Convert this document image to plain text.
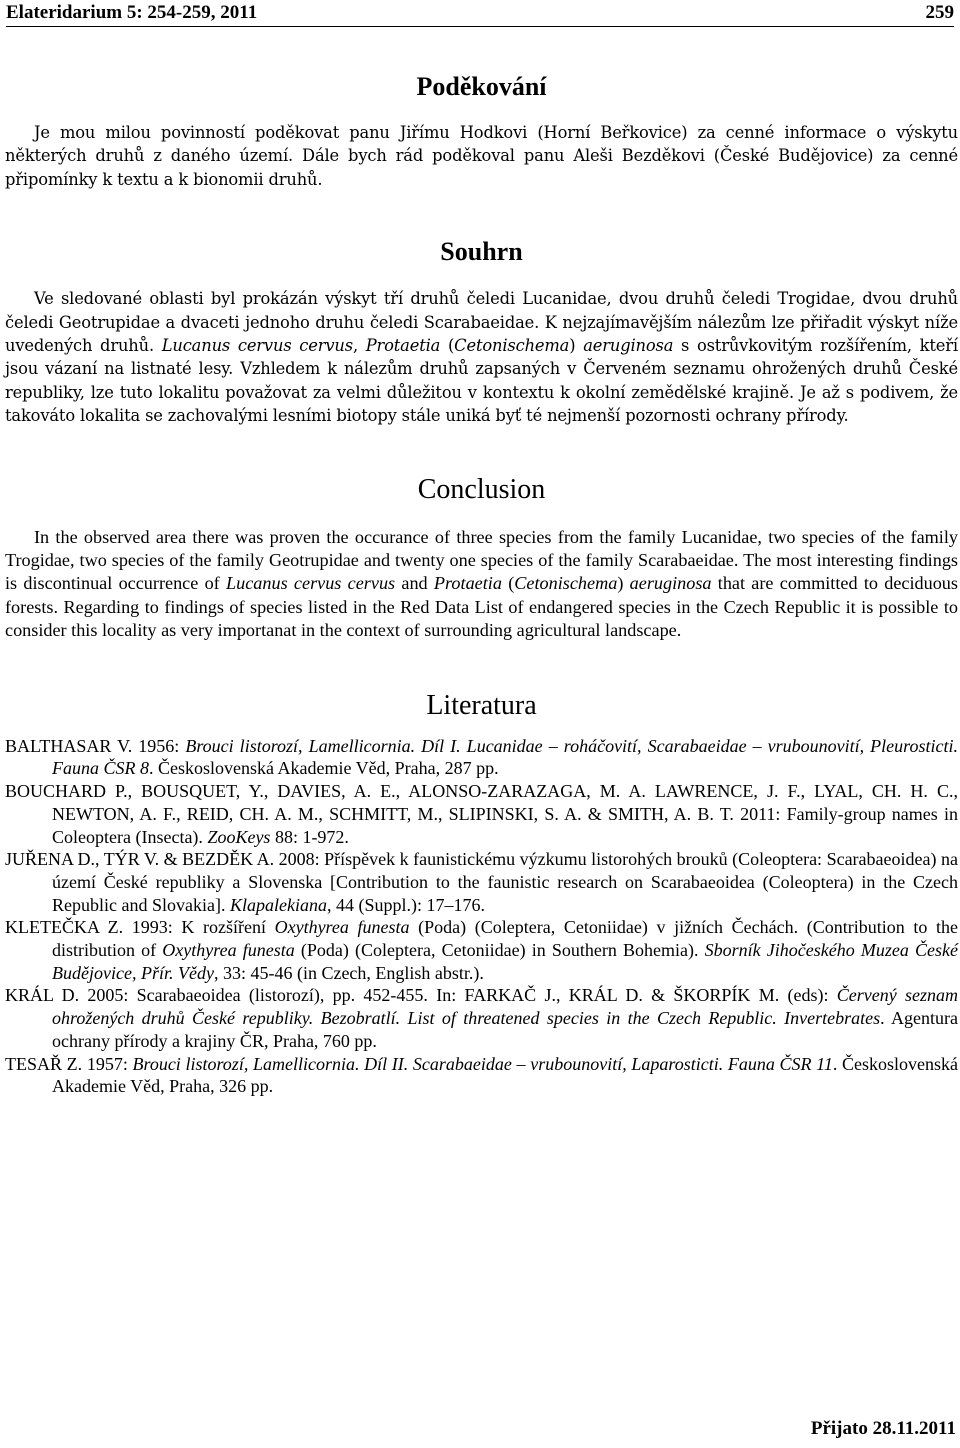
Elateridarium 5: 254-259, 2011	259
Poděkování

Je mou milou povinností poděkovat panu Jiřímu Hodkovi (Horní Beřkovice) za cenné informace o výskytu některých druhů z daného území. Dále bych rád poděkoval panu Aleši Bezděkovi (České Budějovice) za cenné připomínky k textu a k bionomii druhů.

Souhrn

Ve sledované oblasti byl prokázán výskyt tří druhů čeledi Lucanidae, dvou druhů čeledi Trogidae, dvou druhů čeledi Geotrupidae a dvaceti jednoho druhu čeledi Scarabaeidae. K nejzajímavějším nálezům lze přiřadit výskyt níže uvedených druhů. Lucanus cervus cervus, Protaetia (Cetonischema) aeruginosa s ostrůvkovitým rozšířením, kteří jsou vázaní na listnaté lesy. Vzhledem k nálezům druhů zapsaných v Červeném seznamu ohrožených druhů České republiky, lze tuto lokalitu považovat za velmi důležitou v kontextu k okolní zemědělské krajině. Je až s podivem, že takováto lokalita se zachovalými lesními biotopy stále uniká byť té nejmenší pozornosti ochrany přírody.

Conclusion

In the observed area there was proven the occurance of three species from the family Lucanidae, two species of the family Trogidae, two species of the family Geotrupidae and twenty one species of the family Scarabaeidae. The most interesting findings is discontinual occurrence of Lucanus cervus cervus and Protaetia (Cetonischema) aeruginosa that are committed to deciduous forests. Regarding to findings of species listed in the Red Data List of endangered species in the Czech Republic it is possible to consider this locality as very importanat in the context of surrounding agricultural landscape.

Literatura
BALTHASAR V. 1956: Brouci listorozí, Lamellicornia. Díl I. Lucanidae – roháčovití, Scarabaeidae – vrubounovití, Pleurosticti. Fauna ČSR 8. Československá Akademie Věd, Praha, 287 pp.
BOUCHARD P., BOUSQUET, Y., DAVIES, A. E., ALONSO-ZARAZAGA, M. A. LAWRENCE, J. F., LYAL, CH. H. C., NEWTON, A. F., REID, CH. A. M., SCHMITT, M., SLIPINSKI, S. A. & SMITH, A. B. T. 2011: Family-group names in Coleoptera (Insecta). ZooKeys 88: 1-972.
JUŘENA D., TÝR V. & BEZDĚK A. 2008: Příspěvek k faunistickému výzkumu listorohých brouků (Coleoptera: Scarabaeoidea) na území České republiky a Slovenska [Contribution to the faunistic research on Scarabaeoidea (Coleoptera) in the Czech Republic and Slovakia]. Klapalekiana, 44 (Suppl.): 17–176.
KLETEČKA Z. 1993: K rozšíření Oxythyrea funesta (Poda) (Coleptera, Cetoniidae) v jižních Čechách. (Contribution to the distribution of Oxythyrea funesta (Poda) (Coleptera, Cetoniidae) in Southern Bohemia). Sborník Jihočeského Muzea České Budějovice, Přír. Vědy, 33: 45-46 (in Czech, English abstr.).
KRÁL D. 2005: Scarabaeoidea (listorozí), pp. 452-455. In: FARKAČ J., KRÁL D. & ŠKORPÍK M. (eds): Červený seznam ohrožených druhů České republiky. Bezobratlí. List of threatened species in the Czech Republic. Invertebrates. Agentura ochrany přírody a krajiny ČR, Praha, 760 pp.
TESAŘ Z. 1957: Brouci listorozí, Lamellicornia. Díl II. Scarabaeidae – vrubounovití, Laparosticti. Fauna ČSR 11. Československá Akademie Věd, Praha, 326 pp.
Přijato 28.11.2011
